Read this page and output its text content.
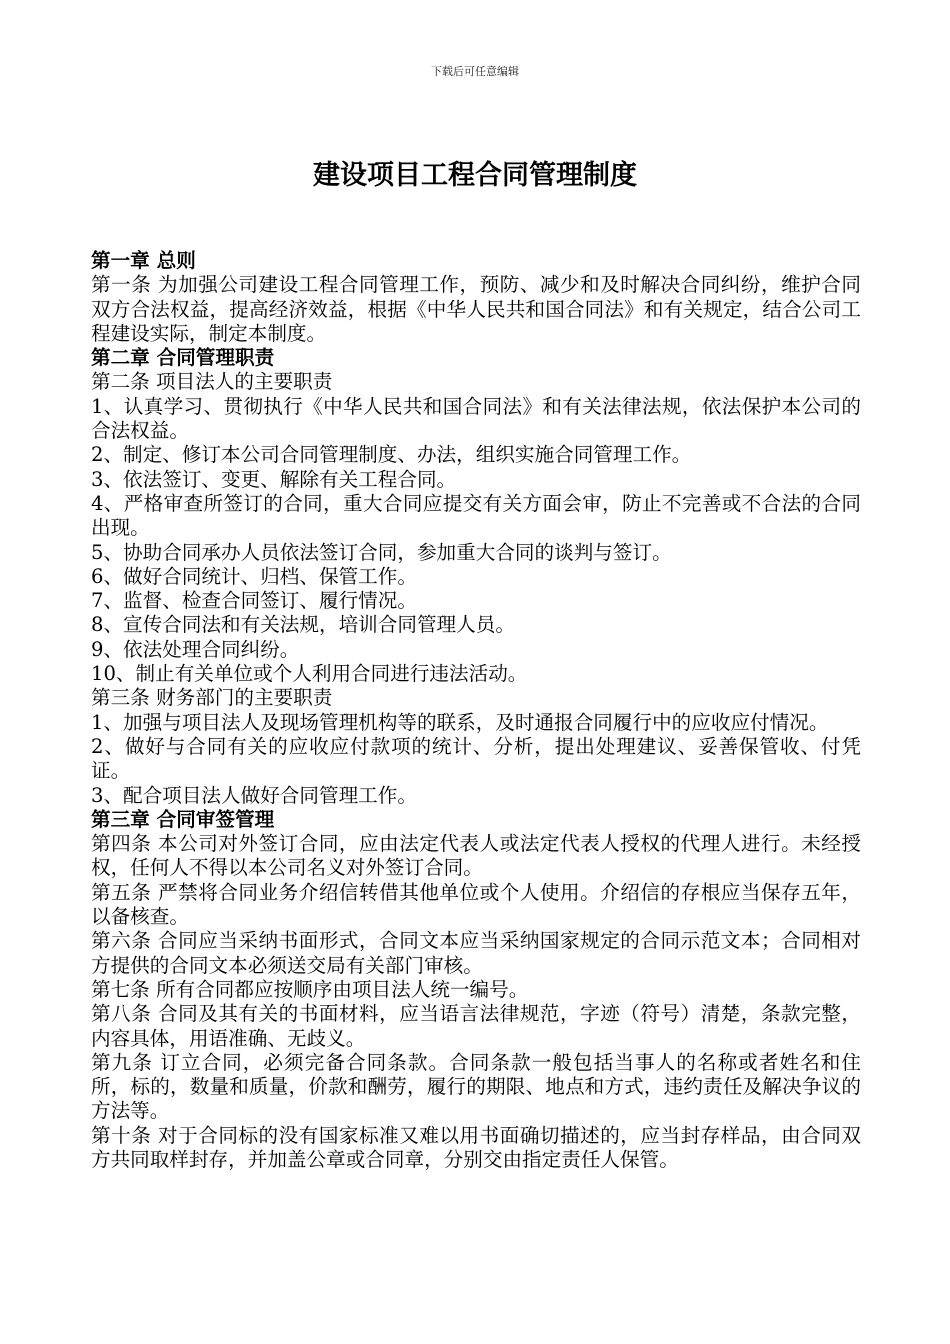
下载后可任意编辑
建设项目工程合同管理制度

第一章 总则

第一条 为加强公司建设工程合同管理工作，预防、减少和及时解决合同纠纷，维护合同双方合法权益，提高经济效益，根据《中华人民共和国合同法》和有关规定，结合公司工程建设实际，制定本制度。

第二章 合同管理职责

第二条 项目法人的主要职责

1、认真学习、贯彻执行《中华人民共和国合同法》和有关法律法规，依法保护本公司的合法权益。

2、制定、修订本公司合同管理制度、办法，组织实施合同管理工作。

3、依法签订、变更、解除有关工程合同。

4、严格审查所签订的合同，重大合同应提交有关方面会审，防止不完善或不合法的合同出现。

5、协助合同承办人员依法签订合同，参加重大合同的谈判与签订。

6、做好合同统计、归档、保管工作。

7、监督、检查合同签订、履行情况。

8、宣传合同法和有关法规，培训合同管理人员。

9、依法处理合同纠纷。

10、制止有关单位或个人利用合同进行违法活动。

第三条 财务部门的主要职责

1、加强与项目法人及现场管理机构等的联系，及时通报合同履行中的应收应付情况。

2、做好与合同有关的应收应付款项的统计、分析，提出处理建议、妥善保管收、付凭证。

3、配合项目法人做好合同管理工作。

第三章 合同审签管理

第四条 本公司对外签订合同，应由法定代表人或法定代表人授权的代理人进行。未经授权，任何人不得以本公司名义对外签订合同。

第五条 严禁将合同业务介绍信转借其他单位或个人使用。介绍信的存根应当保存五年，以备核查。

第六条 合同应当采纳书面形式，合同文本应当采纳国家规定的合同示范文本；合同相对方提供的合同文本必须送交局有关部门审核。

第七条 所有合同都应按顺序由项目法人统一编号。

第八条 合同及其有关的书面材料，应当语言法律规范，字迹（符号）清楚，条款完整，内容具体，用语准确、无歧义。

第九条 订立合同，必须完备合同条款。合同条款一般包括当事人的名称或者姓名和住所，标的，数量和质量，价款和酬劳，履行的期限、地点和方式，违约责任及解决争议的方法等。

第十条 对于合同标的没有国家标准又难以用书面确切描述的，应当封存样品，由合同双方共同取样封存，并加盖公章或合同章，分别交由指定责任人保管。
